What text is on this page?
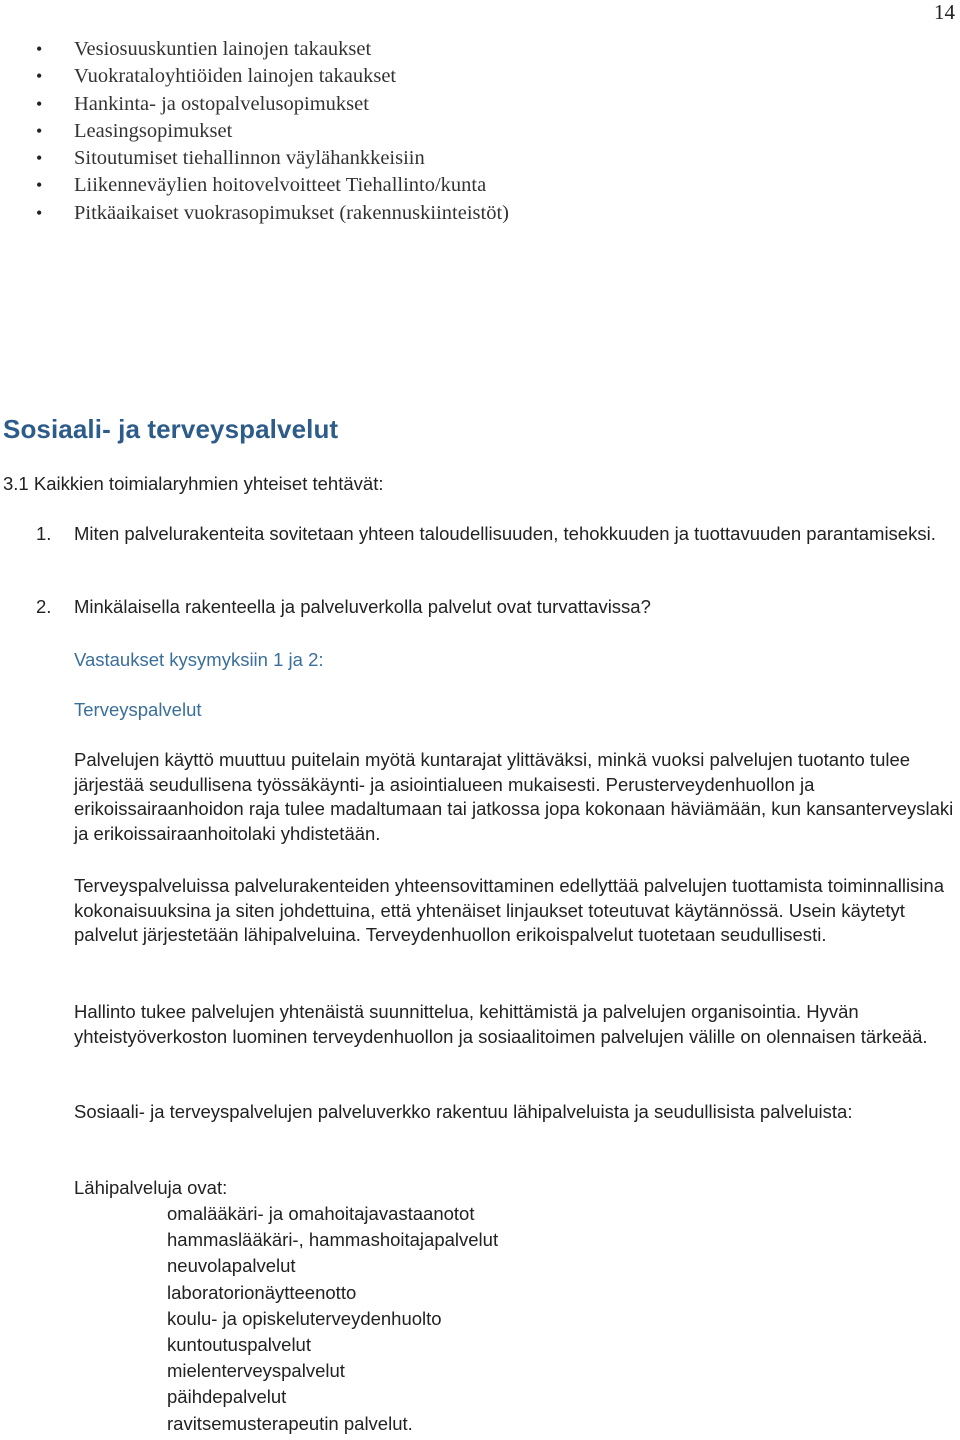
14
• Vesiosuuskuntien lainojen takaukset
• Vuokrataloyhtiöiden lainojen takaukset
• Hankinta- ja ostopalvelusopimukset
• Leasingsopimukset
• Sitoutumiset tiehallinnon väylähankkeisiin
• Liikenneväylien hoitovelvoitteet Tiehallinto/kunta
• Pitkäaikaiset vuokrasopimukset (rakennuskiinteistöt)
Sosiaali- ja terveyspalvelut

3.1 Kaikkien toimialaryhmien yhteiset tehtävät:

1. Miten palvelurakenteita sovitetaan yhteen taloudellisuuden, tehokkuuden ja tuottavuuden parantamiseksi.
2. Minkälaisella rakenteella ja palveluverkolla palvelut ovat turvattavissa?

Vastaukset kysymyksiin 1 ja 2:

Terveyspalvelut

Palvelujen käyttö muuttuu puitelain myötä kuntarajat ylittäväksi, minkä vuoksi palvelujen tuotanto tulee järjestää seudullisena työssäkäynti- ja asiointialueen mukaisesti. Perusterveydenhuollon ja erikoissairaanhoidon raja tulee madaltumaan tai jatkossa jopa kokonaan häviämään, kun kansanterveyslaki ja erikoissairaanhoitolaki yhdistetään.

Terveyspalveluissa palvelurakenteiden yhteensovittaminen edellyttää palvelujen tuottamista toiminnallisina kokonaisuuksina ja siten johdettuina, että yhtenäiset linjaukset toteutuvat käytännössä. Usein käytetyt palvelut järjestetään lähipalveluina. Terveydenhuollon erikoispalvelut tuotetaan seudullisesti.

Hallinto tukee palvelujen yhtenäistä suunnittelua, kehittämistä ja palvelujen organisointia. Hyvän yhteistyöverkoston luominen terveydenhuollon ja sosiaalitoimen palvelujen välille on olennaisen tärkeää.

Sosiaali- ja terveyspalvelujen palveluverkko rakentuu lähipalveluista ja seudullisista palveluista:

Lähipalveluja ovat:

omalääkäri- ja omahoitajavastaanotot
hammaslääkäri-, hammashoitajapalvelut
neuvolapalvelut
laboratorionäytteenotto
koulu- ja opiskeluterveydenhuolto
kuntoutuspalvelut
mielenterveyspalvelut
päihdepalvelut
ravitsemusterapeutin palvelut.
